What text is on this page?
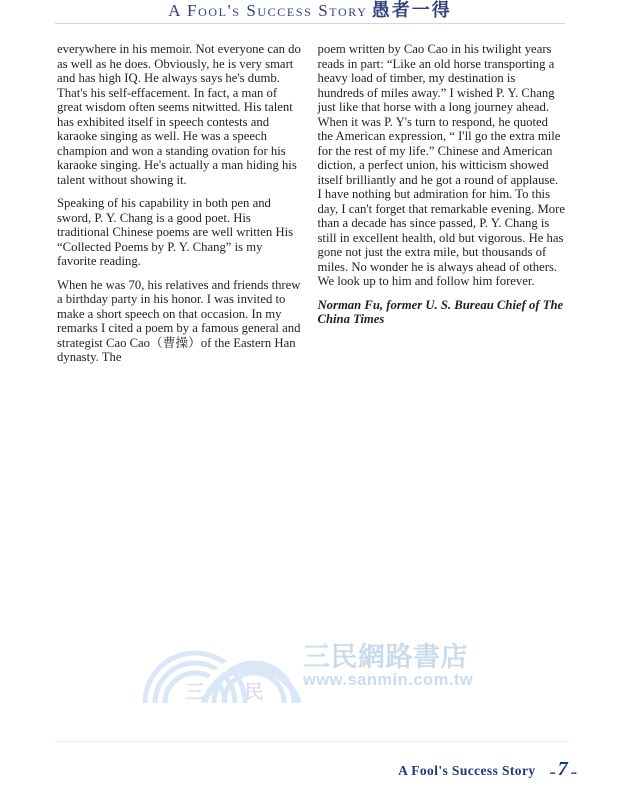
A Fool's Success Story 愚者一得

everywhere in his memoir. Not everyone can do as well as he does. Obviously, he is very smart and has high IQ. He always says he's dumb. That's his self-effacement. In fact, a man of great wisdom often seems nitwitted. His talent has exhibited itself in speech contests and karaoke singing as well. He was a speech champion and won a standing ovation for his karaoke singing. He's actually a man hiding his talent without showing it.

Speaking of his capability in both pen and sword, P. Y. Chang is a good poet. His traditional Chinese poems are well written His “Collected Poems by P. Y. Chang” is my favorite reading.

When he was 70, his relatives and friends threw a birthday party in his honor. I was invited to make a short speech on that occasion. In my remarks I cited a poem by a famous general and strategist Cao Cao（曹操）of the Eastern Han dynasty. The

poem written by Cao Cao in his twilight years reads in part: “Like an old horse transporting a heavy load of timber, my destination is hundreds of miles away.” I wished P. Y. Chang just like that horse with a long journey ahead. When it was P. Y's turn to respond, he quoted the American expression, “ I'll go the extra mile for the rest of my life.” Chinese and American diction, a perfect union, his witticism showed itself brilliantly and he got a round of applause. I have nothing but admiration for him. To this day, I can't forget that remarkable evening. More than a decade has since passed, P. Y. Chang is still in excellent health, old but vigorous. He has gone not just the extra mile, but thousands of miles. No wonder he is always ahead of others. We look up to him and follow him forever.

Norman Fu, former U. S. Bureau Chief of The China Times

三 民
三民網路書店
www.sanmin.com.tw
A Fool's Success Story ... 7 ...
